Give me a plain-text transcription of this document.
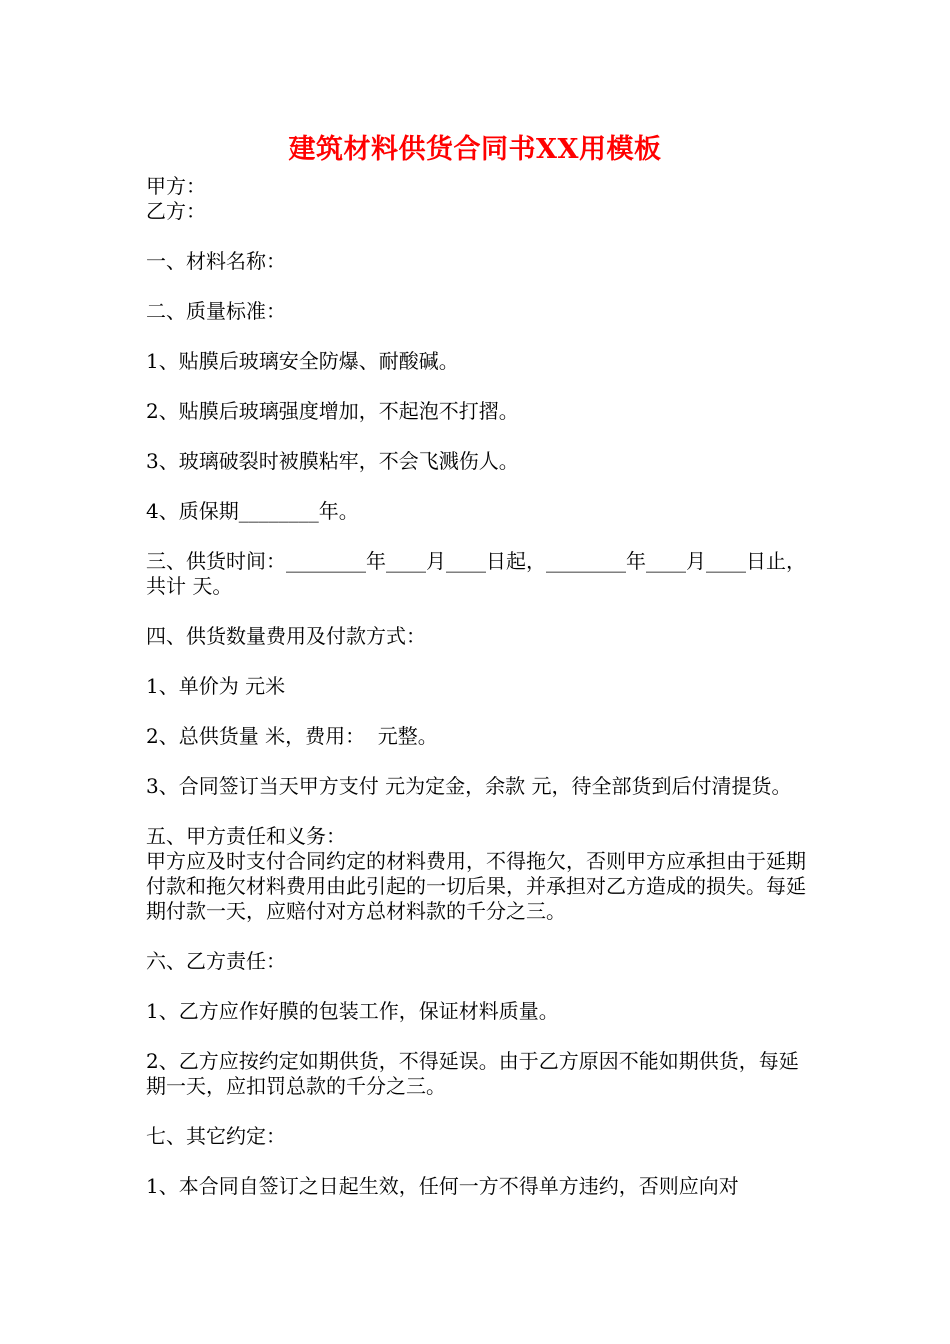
建筑材料供货合同书XX用模板

甲方：

乙方：

一、材料名称：

二、质量标准：

1、贴膜后玻璃安全防爆、耐酸碱。

2、贴膜后玻璃强度增加，不起泡不打摺。

3、玻璃破裂时被膜粘牢，不会飞溅伤人。

4、质保期________年。

三、供货时间：________年____月____日起，________年____月____日止，共计 天。

四、供货数量费用及付款方式：

1、单价为 元米

2、总供货量 米，费用：  元整。

3、合同签订当天甲方支付 元为定金，余款 元，待全部货到后付清提货。

五、甲方责任和义务：

甲方应及时支付合同约定的材料费用，不得拖欠，否则甲方应承担由于延期付款和拖欠材料费用由此引起的一切后果，并承担对乙方造成的损失。每延期付款一天，应赔付对方总材料款的千分之三。

六、乙方责任：

1、乙方应作好膜的包装工作，保证材料质量。

2、乙方应按约定如期供货，不得延误。由于乙方原因不能如期供货，每延期一天，应扣罚总款的千分之三。

七、其它约定：

1、本合同自签订之日起生效，任何一方不得单方违约，否则应向对
